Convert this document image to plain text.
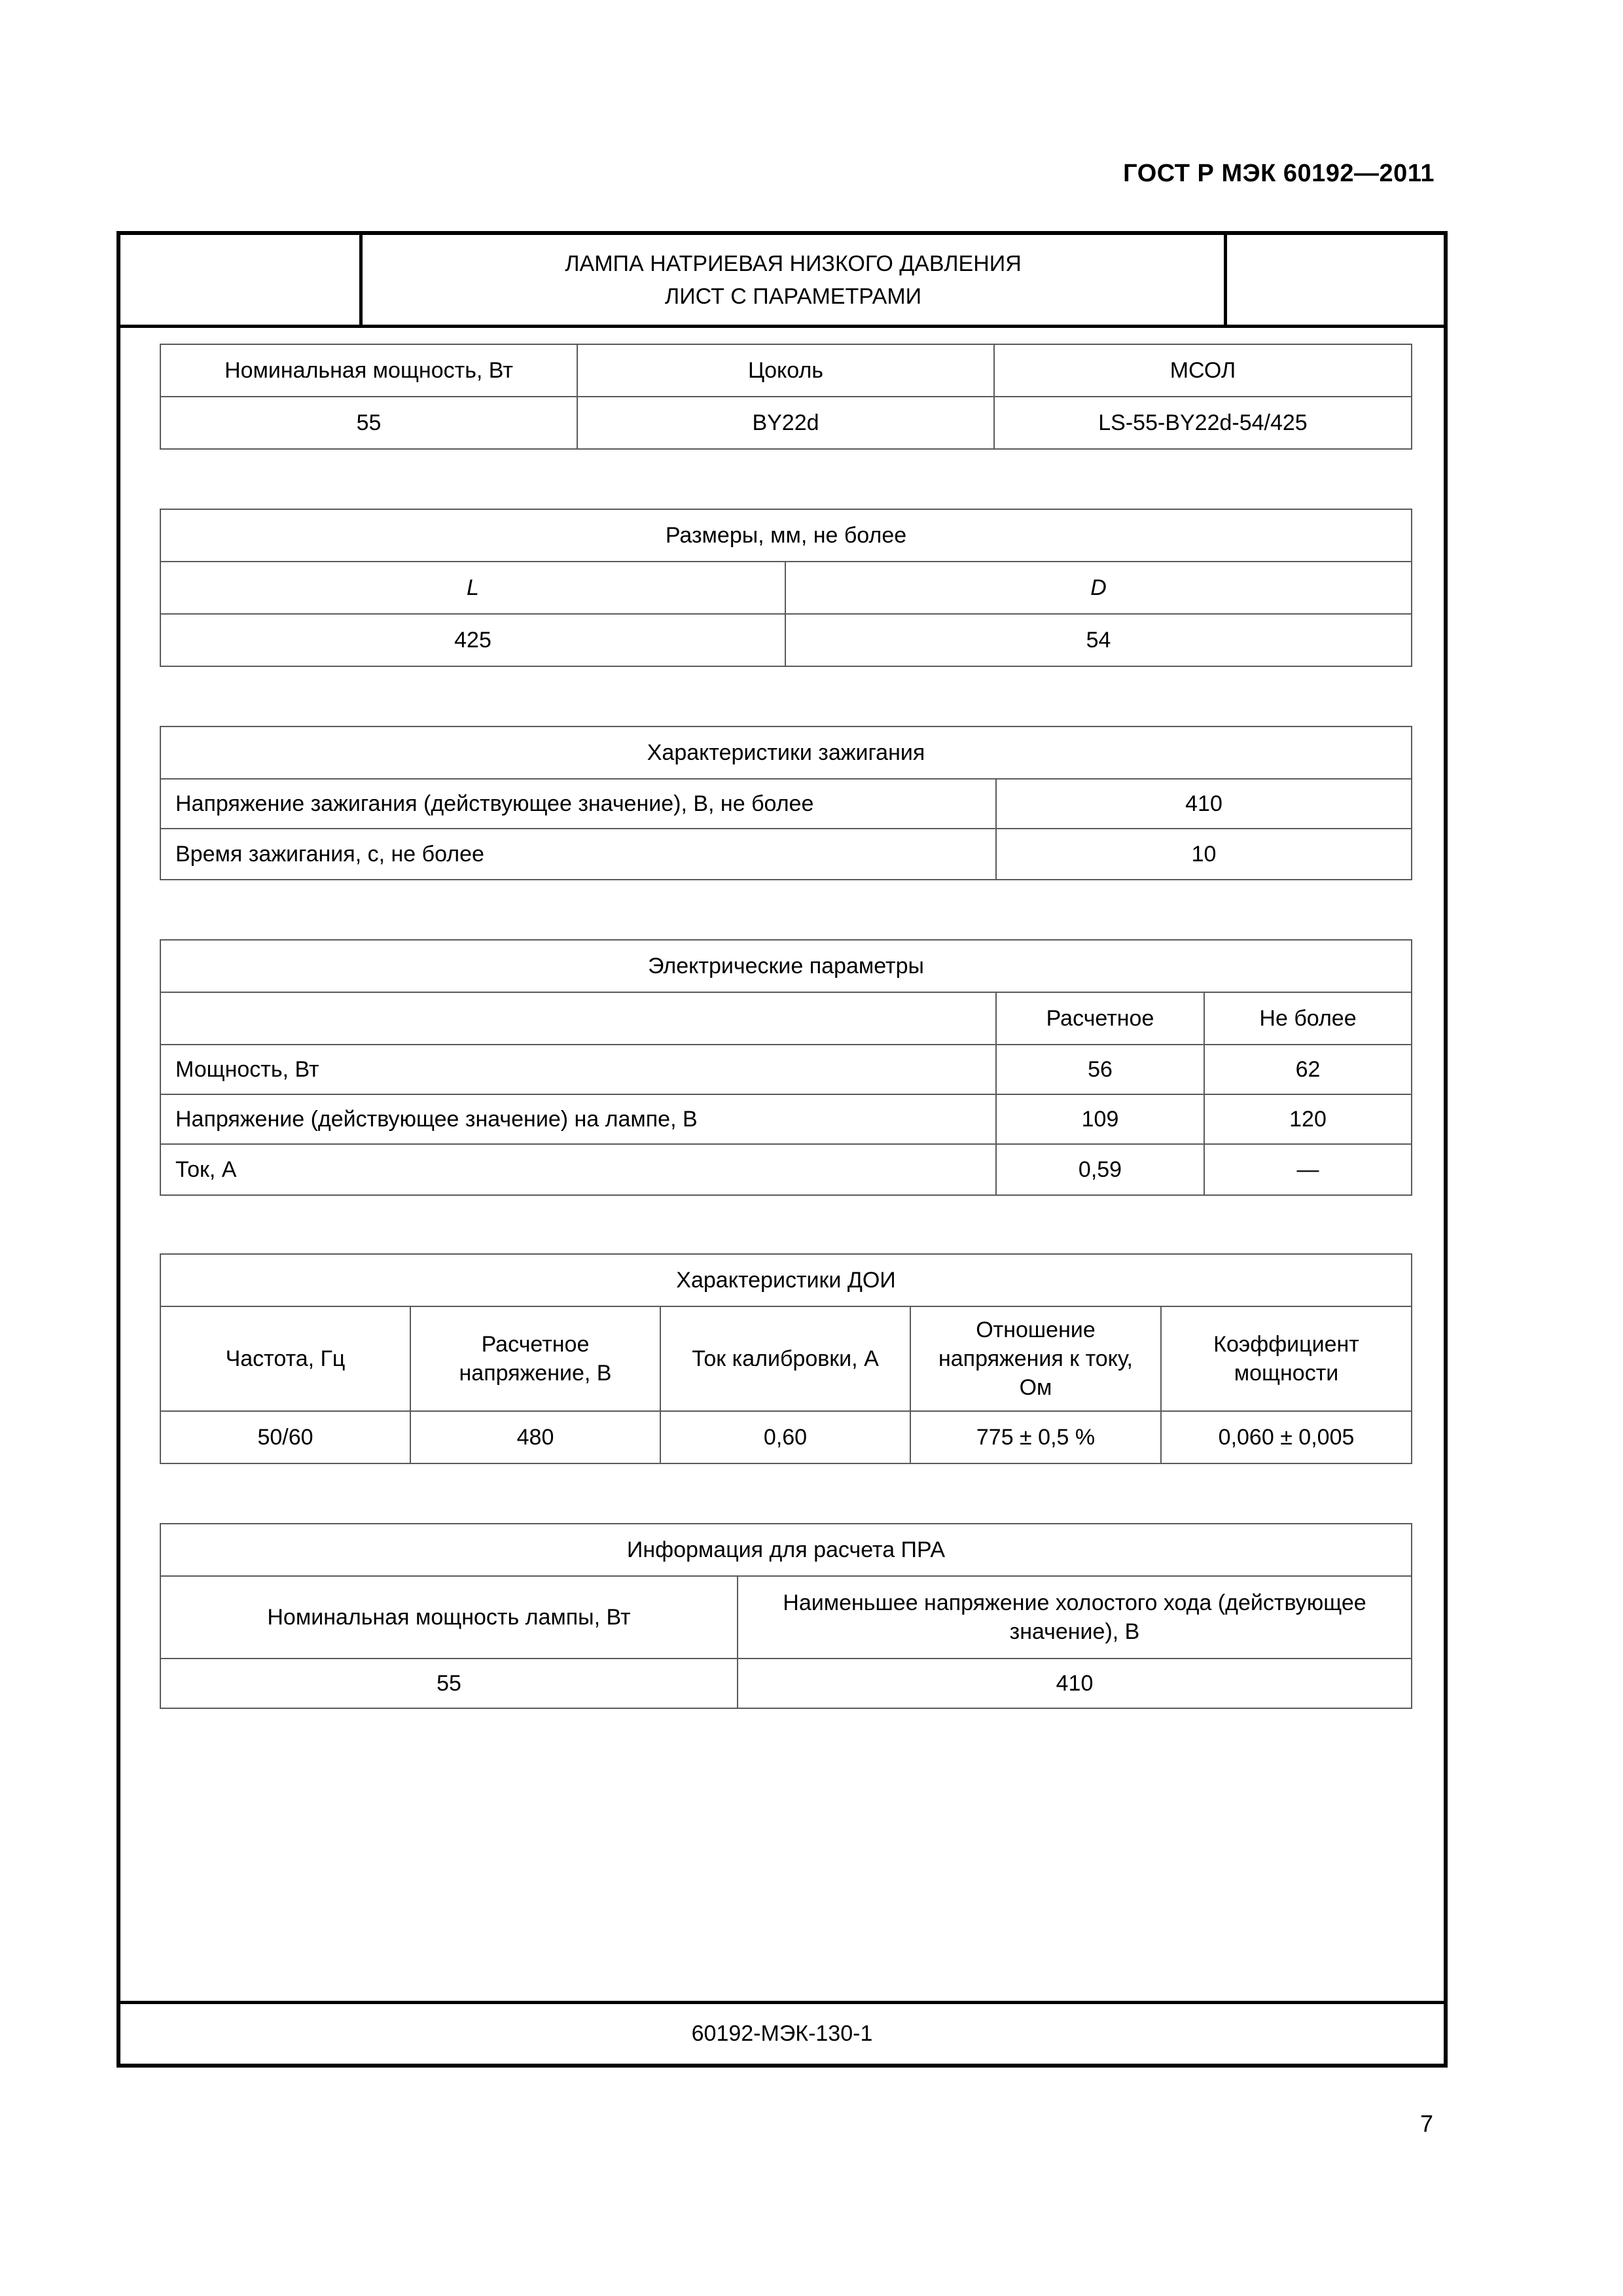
ГОСТ Р МЭК 60192—2011
ЛАМПА НАТРИЕВАЯ НИЗКОГО ДАВЛЕНИЯ
ЛИСТ С ПАРАМЕТРАМИ
Номинальная мощность, Вт	Цоколь	МСОЛ
55	BY22d	LS-55-BY22d-54/425
Размеры, мм, не более	
L	D
425	54
Характеристики зажигания	
Напряжение зажигания (действующее значение), В, не более	410
Время зажигания, с, не более	10
Электрические параметры		
	Расчетное	Не более
Мощность, Вт	56	62
Напряжение (действующее значение) на лампе, В	109	120
Ток, А	0,59	—
Характеристики ДОИ				
Частота, Гц	Расчетное напряжение, В	Ток калибровки, А	Отношение напряжения к току, Ом	Коэффициент мощности
50/60	480	0,60	775 ± 0,5 %	0,060 ± 0,005
Информация для расчета ПРА	
Номинальная мощность лампы, Вт	Наименьшее напряжение холостого хода (действующее значение), В
55	410
60192-МЭК-130-1
7
